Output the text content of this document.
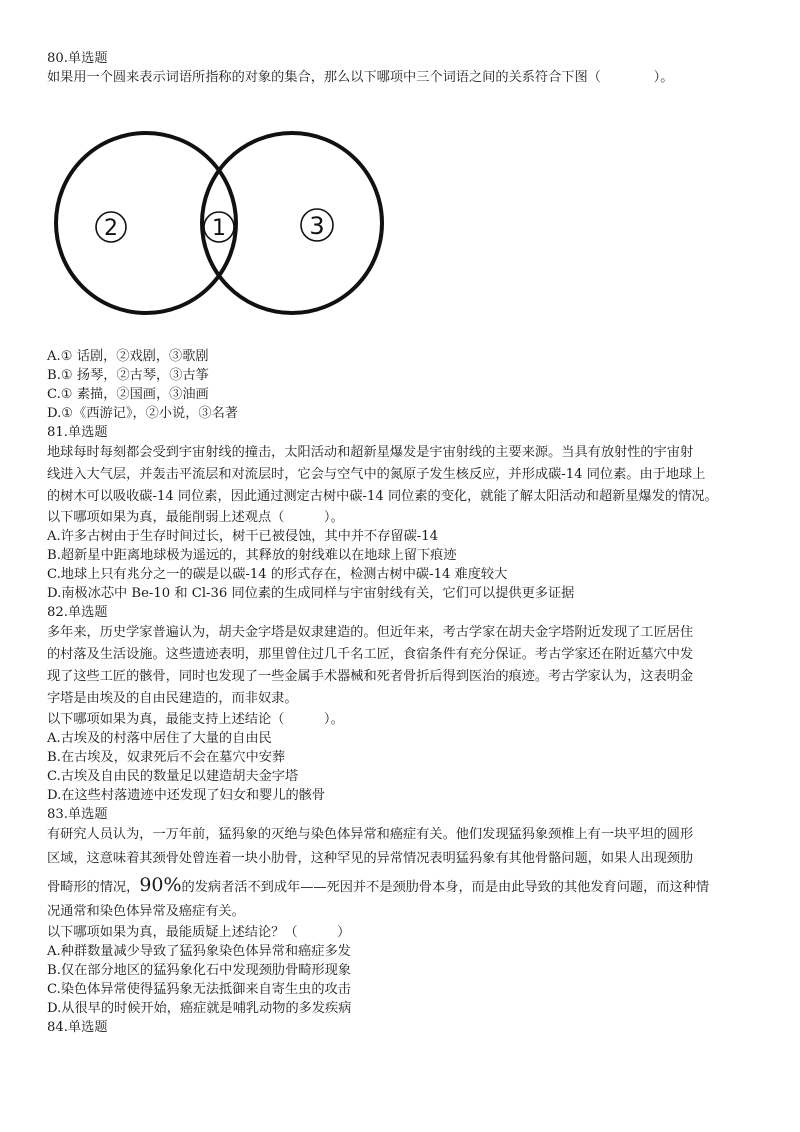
80.单选题
如果用一个圆来表示词语所指称的对象的集合，那么以下哪项中三个词语之间的关系符合下图（　　　　）。
2	1	3
A.① 话剧，②戏剧，③歌剧
B.① 扬琴，②古琴，③古筝
C.① 素描，②国画，③油画
D.①《西游记》，②小说，③名著
81.单选题
地球每时每刻都会受到宇宙射线的撞击，太阳活动和超新星爆发是宇宙射线的主要来源。当具有放射性的宇宙射
线进入大气层，并轰击平流层和对流层时，它会与空气中的氮原子发生核反应，并形成碳-14 同位素。由于地球上
的树木可以吸收碳-14 同位素，因此通过测定古树中碳-14 同位素的变化，就能了解太阳活动和超新星爆发的情况。
以下哪项如果为真，最能削弱上述观点（　　　）。
A.许多古树由于生存时间过长，树干已被侵蚀，其中并不存留碳-14
B.超新星中距离地球极为遥远的，其释放的射线难以在地球上留下痕迹
C.地球上只有兆分之一的碳是以碳-14 的形式存在，检测古树中碳-14 难度较大
D.南极冰芯中 Be-10 和 Cl-36 同位素的生成同样与宇宙射线有关，它们可以提供更多证据
82.单选题
多年来，历史学家普遍认为，胡夫金字塔是奴隶建造的。但近年来，考古学家在胡夫金字塔附近发现了工匠居住
的村落及生活设施。这些遗迹表明，那里曾住过几千名工匠，食宿条件有充分保证。考古学家还在附近墓穴中发
现了这些工匠的骸骨，同时也发现了一些金属手术器械和死者骨折后得到医治的痕迹。考古学家认为，这表明金
字塔是由埃及的自由民建造的，而非奴隶。
以下哪项如果为真，最能支持上述结论（　　　）。
A.古埃及的村落中居住了大量的自由民
B.在古埃及，奴隶死后不会在墓穴中安葬
C.古埃及自由民的数量足以建造胡夫金字塔
D.在这些村落遗迹中还发现了妇女和婴儿的骸骨
83.单选题
有研究人员认为，一万年前，猛犸象的灭绝与染色体异常和癌症有关。他们发现猛犸象颈椎上有一块平坦的圆形
区域，这意味着其颈骨处曾连着一块小肋骨，这种罕见的异常情况表明猛犸象有其他骨骼问题，如果人出现颈肋
骨畸形的情况，90%的发病者活不到成年——死因并不是颈肋骨本身，而是由此导致的其他发育问题，而这种情
况通常和染色体异常及癌症有关。
以下哪项如果为真，最能质疑上述结论？（　　　）
A.种群数量减少导致了猛犸象染色体异常和癌症多发
B.仅在部分地区的猛犸象化石中发现颈肋骨畸形现象
C.染色体异常使得猛犸象无法抵御来自寄生虫的攻击
D.从很早的时候开始，癌症就是哺乳动物的多发疾病
84.单选题
